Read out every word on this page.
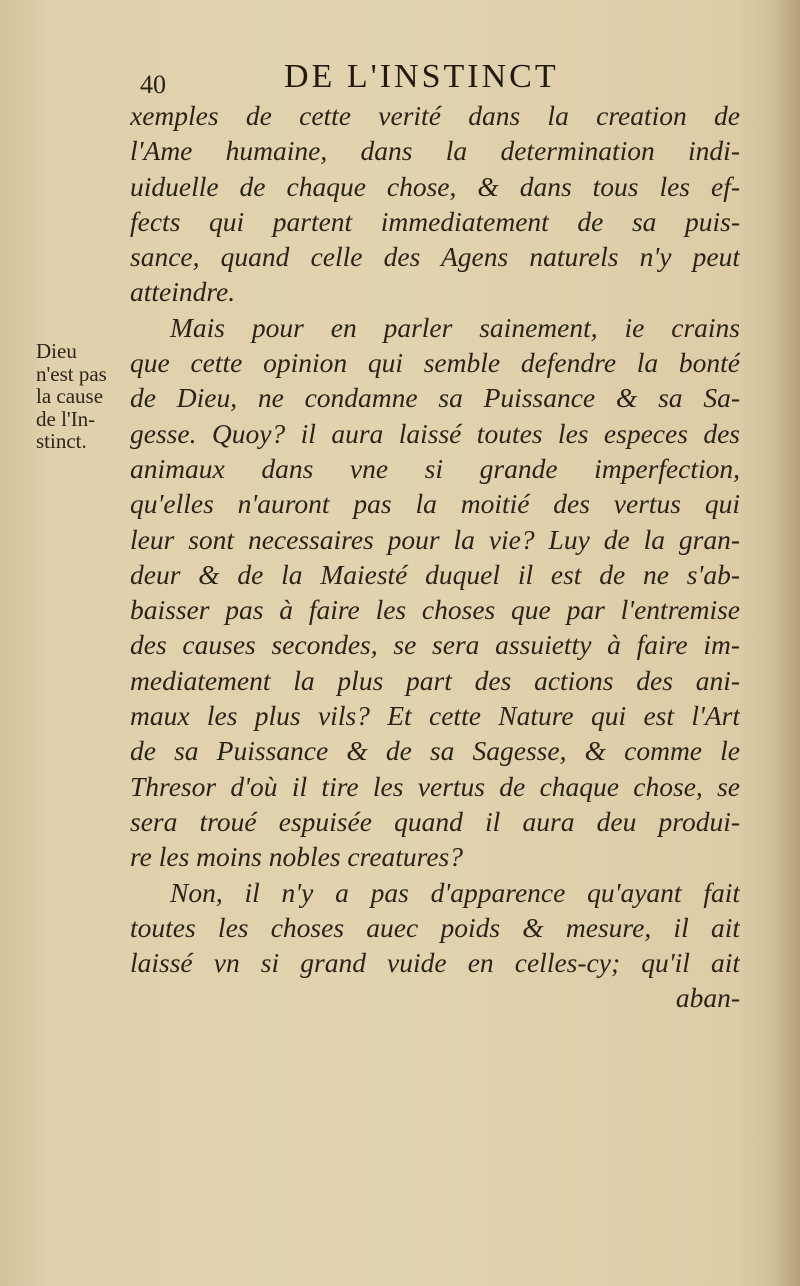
40	DE L'INSTINCT
Dieu
n'est pas
la cause
de l'In-
stinct.
xemples de cette verité dans la creation de
l'Ame humaine, dans la determination indi-
uiduelle de chaque chose, & dans tous les ef-
fects qui partent immediatement de sa puis-
sance, quand celle des Agens naturels n'y peut
atteindre.
Mais pour en parler sainement, ie crains
que cette opinion qui semble defendre la bonté
de Dieu, ne condamne sa Puissance & sa Sa-
gesse. Quoy? il aura laissé toutes les especes des
animaux dans vne si grande imperfection,
qu'elles n'auront pas la moitié des vertus qui
leur sont necessaires pour la vie? Luy de la gran-
deur & de la Maiesté duquel il est de ne s'ab-
baisser pas à faire les choses que par l'entremise
des causes secondes, se sera assuietty à faire im-
mediatement la plus part des actions des ani-
maux les plus vils? Et cette Nature qui est l'Art
de sa Puissance & de sa Sagesse, & comme le
Thresor d'où il tire les vertus de chaque chose, se
sera troué espuisée quand il aura deu produi-
re les moins nobles creatures?
Non, il n'y a pas d'apparence qu'ayant fait
toutes les choses auec poids & mesure, il ait
laissé vn si grand vuide en celles-cy; qu'il ait
aban-
